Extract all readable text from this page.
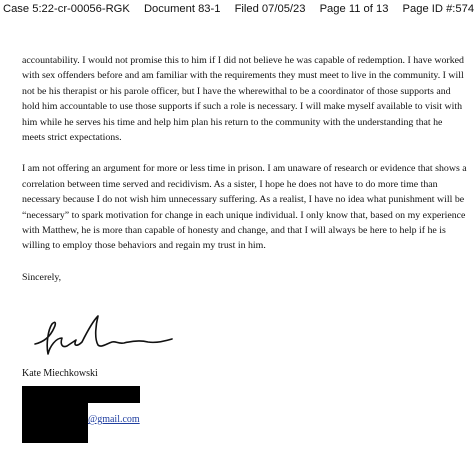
Case 5:22-cr-00056-RGK Document 83-1 Filed 07/05/23 Page 11 of 13 Page ID #:574

accountability. I would not promise this to him if I did not believe he was capable of redemption. I have worked with sex offenders before and am familiar with the requirements they must meet to live in the community. I will not be his therapist or his parole officer, but I have the wherewithal to be a coordinator of those supports and hold him accountable to use those supports if such a role is necessary. I will make myself available to visit with him while he serves his time and help him plan his return to the community with the understanding that he meets strict expectations.

I am not offering an argument for more or less time in prison. I am unaware of research or evidence that shows a correlation between time served and recidivism. As a sister, I hope he does not have to do more time than necessary because I do not wish him unnecessary suffering. As a realist, I have no idea what punishment will be “necessary” to spark motivation for change in each unique individual. I only know that, based on my experience with Matthew, he is more than capable of honesty and change, and that I will always be here to help if he is willing to employ those behaviors and regain my trust in him.

Sincerely,

Kate Miechkowski
@gmail.com
